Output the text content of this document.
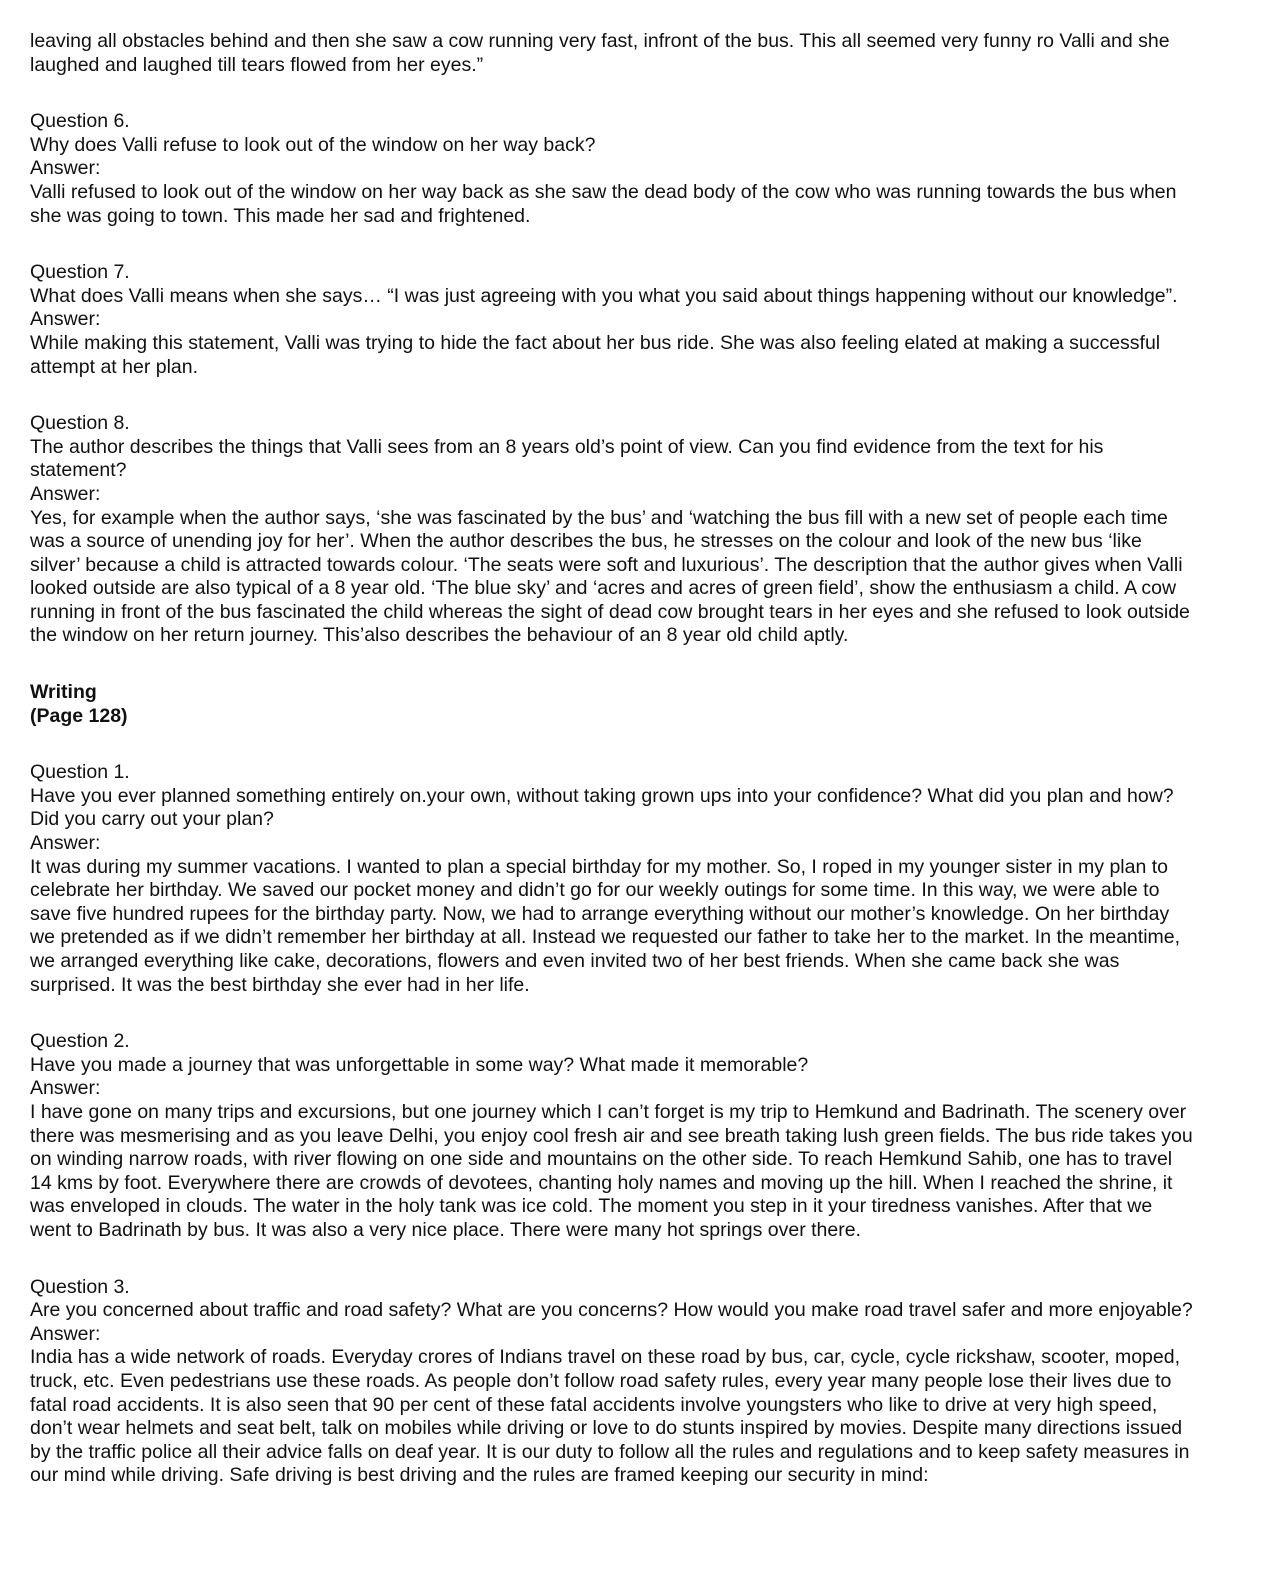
leaving all obstacles behind and then she saw a cow running very fast, infront of the bus. This all seemed very funny ro Valli and she
laughed and laughed till tears flowed from her eyes.”
Question 6.
Why does Valli refuse to look out of the window on her way back?
Answer:
Valli refused to look out of the window on her way back as she saw the dead body of the cow who was running towards the bus when
she was going to town. This made her sad and frightened.
Question 7.
What does Valli means when she says… “I was just agreeing with you what you said about things happening without our knowledge”.
Answer:
While making this statement, Valli was trying to hide the fact about her bus ride. She was also feeling elated at making a successful
attempt at her plan.
Question 8.
The author describes the things that Valli sees from an 8 years old’s point of view. Can you find evidence from the text for his
statement?
Answer:
Yes, for example when the author says, ‘she was fascinated by the bus’ and ‘watching the bus fill with a new set of people each time
was a source of unending joy for her’. When the author describes the bus, he stresses on the colour and look of the new bus ‘like
silver’ because a child is attracted towards colour. ‘The seats were soft and luxurious’. The description that the author gives when Valli
looked outside are also typical of a 8 year old. ‘The blue sky’ and ‘acres and acres of green field’, show the enthusiasm a child. A cow
running in front of the bus fascinated the child whereas the sight of dead cow brought tears in her eyes and she refused to look outside
the window on her return journey. This’also describes the behaviour of an 8 year old child aptly.
Writing
(Page 128)
Question 1.
Have you ever planned something entirely on.your own, without taking grown ups into your confidence? What did you plan and how?
Did you carry out your plan?
Answer:
It was during my summer vacations. I wanted to plan a special birthday for my mother. So, I roped in my younger sister in my plan to
celebrate her birthday. We saved our pocket money and didn’t go for our weekly outings for some time. In this way, we were able to
save five hundred rupees for the birthday party. Now, we had to arrange everything without our mother’s knowledge. On her birthday
we pretended as if we didn’t remember her birthday at all. Instead we requested our father to take her to the market. In the meantime,
we arranged everything like cake, decorations, flowers and even invited two of her best friends. When she came back she was
surprised. It was the best birthday she ever had in her life.
Question 2.
Have you made a journey that was unforgettable in some way? What made it memorable?
Answer:
I have gone on many trips and excursions, but one journey which I can’t forget is my trip to Hemkund and Badrinath. The scenery over
there was mesmerising and as you leave Delhi, you enjoy cool fresh air and see breath taking lush green fields. The bus ride takes you
on winding narrow roads, with river flowing on one side and mountains on the other side. To reach Hemkund Sahib, one has to travel
14 kms by foot. Everywhere there are crowds of devotees, chanting holy names and moving up the hill. When I reached the shrine, it
was enveloped in clouds. The water in the holy tank was ice cold. The moment you step in it your tiredness vanishes. After that we
went to Badrinath by bus. It was also a very nice place. There were many hot springs over there.
Question 3.
Are you concerned about traffic and road safety? What are you concerns? How would you make road travel safer and more enjoyable?
Answer:
India has a wide network of roads. Everyday crores of Indians travel on these road by bus, car, cycle, cycle rickshaw, scooter, moped,
truck, etc. Even pedestrians use these roads. As people don’t follow road safety rules, every year many people lose their lives due to
fatal road accidents. It is also seen that 90 per cent of these fatal accidents involve youngsters who like to drive at very high speed,
don’t wear helmets and seat belt, talk on mobiles while driving or love to do stunts inspired by movies. Despite many directions issued
by the traffic police all their advice falls on deaf year. It is our duty to follow all the rules and regulations and to keep safety measures in
our mind while driving. Safe driving is best driving and the rules are framed keeping our security in mind:
